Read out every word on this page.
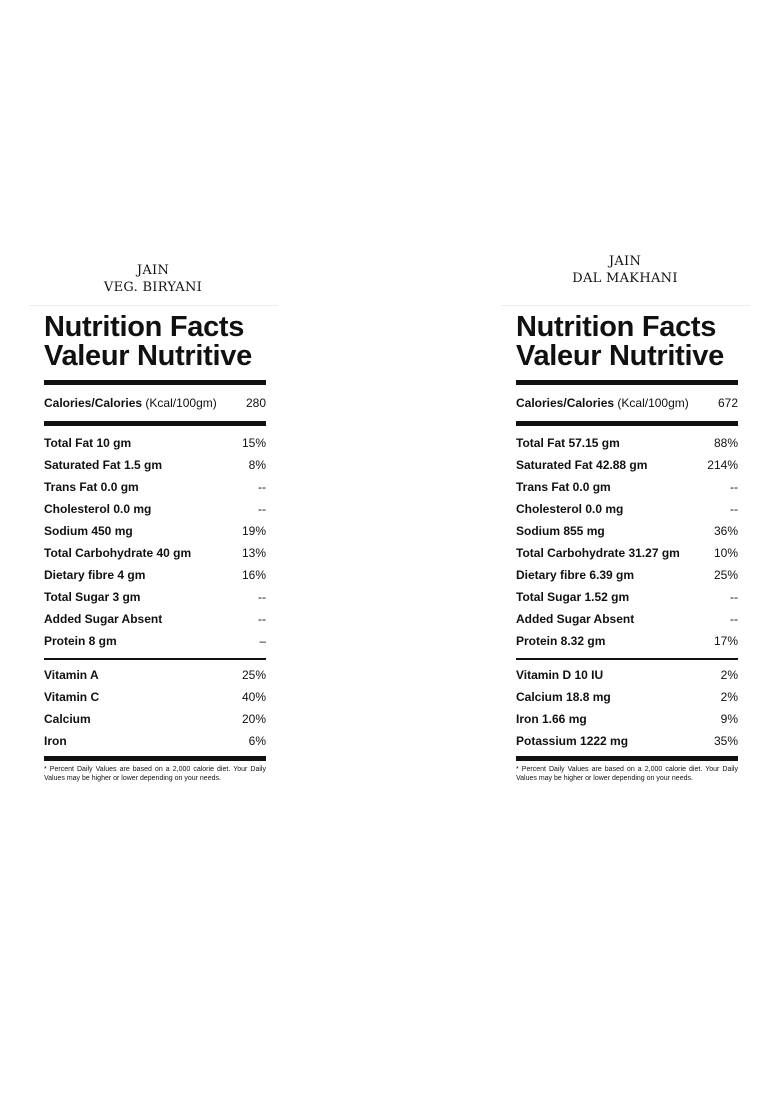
JAIN
VEG. BIRYANI
Nutrition Facts
Valeur Nutritive
Calories/Calories (Kcal/100gm) 280
Total Fat 10 gm	15%
Saturated Fat 1.5 gm	8%
Trans Fat 0.0 gm	--
Cholesterol 0.0 mg	--
Sodium 450 mg	19%
Total Carbohydrate 40 gm	13%
Dietary fibre 4 gm	16%
Total Sugar 3 gm	--
Added Sugar Absent	--
Protein 8 gm	–
Vitamin A	25%
Vitamin C	40%
Calcium	20%
Iron	6%
* Percent Daily Values are based on a 2,000 calorie diet. Your Daily Values may be higher or lower depending on your needs.
JAIN
DAL MAKHANI
Nutrition Facts
Valeur Nutritive
Calories/Calories (Kcal/100gm) 672
Total Fat 57.15 gm	88%
Saturated Fat 42.88 gm	214%
Trans Fat 0.0 gm	--
Cholesterol 0.0 mg	--
Sodium 855 mg	36%
Total Carbohydrate 31.27 gm	10%
Dietary fibre 6.39 gm	25%
Total Sugar 1.52 gm	--
Added Sugar Absent	--
Protein 8.32 gm	17%
Vitamin D 10 IU	2%
Calcium 18.8 mg	2%
Iron 1.66 mg	9%
Potassium 1222 mg	35%
* Percent Daily Values are based on a 2,000 calorie diet. Your Daily Values may be higher or lower depending on your needs.
